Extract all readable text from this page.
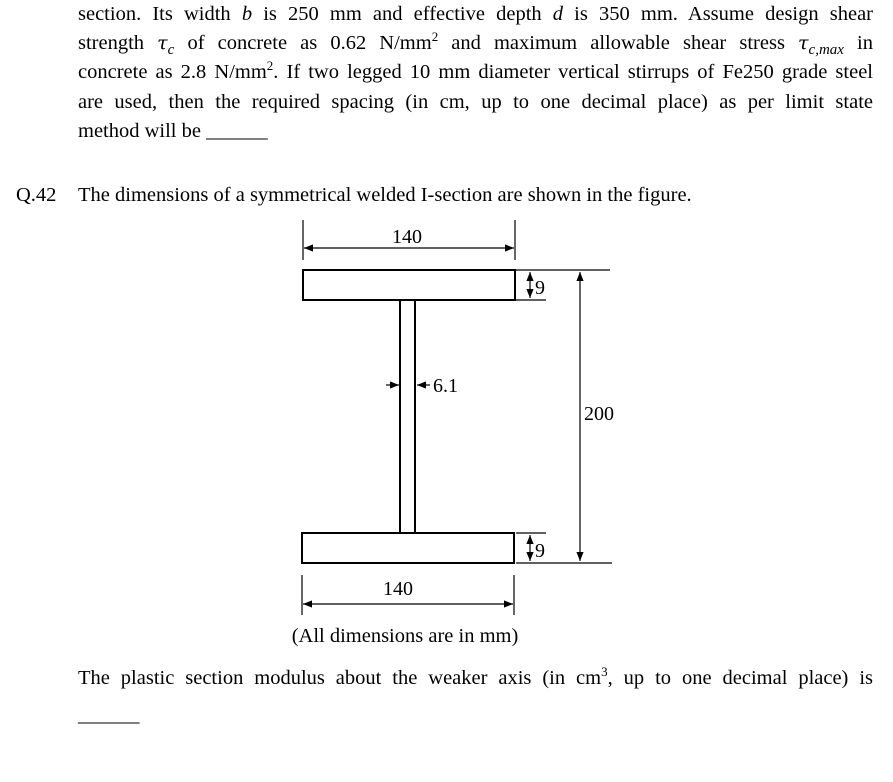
section. Its width b is 250 mm and effective depth d is 350 mm. Assume design shear
strength $\tau_c$ of concrete as 0.62 $N/mm^2$ and maximum allowable shear stress $\tau_{c,max}$ in
concrete as 2.8 $N/mm^2$. If two legged 10 mm diameter vertical stirrups of Fe250 grade steel
are used, then the required spacing (in cm, up to one decimal place) as per limit state
method will be ______
Q.42 The dimensions of a symmetrical welded I-section are shown in the figure.
140
140
200
9
9
6.1
(All dimensions are in mm)
The plastic section modulus about the weaker axis (in $cm^3$, up to one decimal place) is
______
